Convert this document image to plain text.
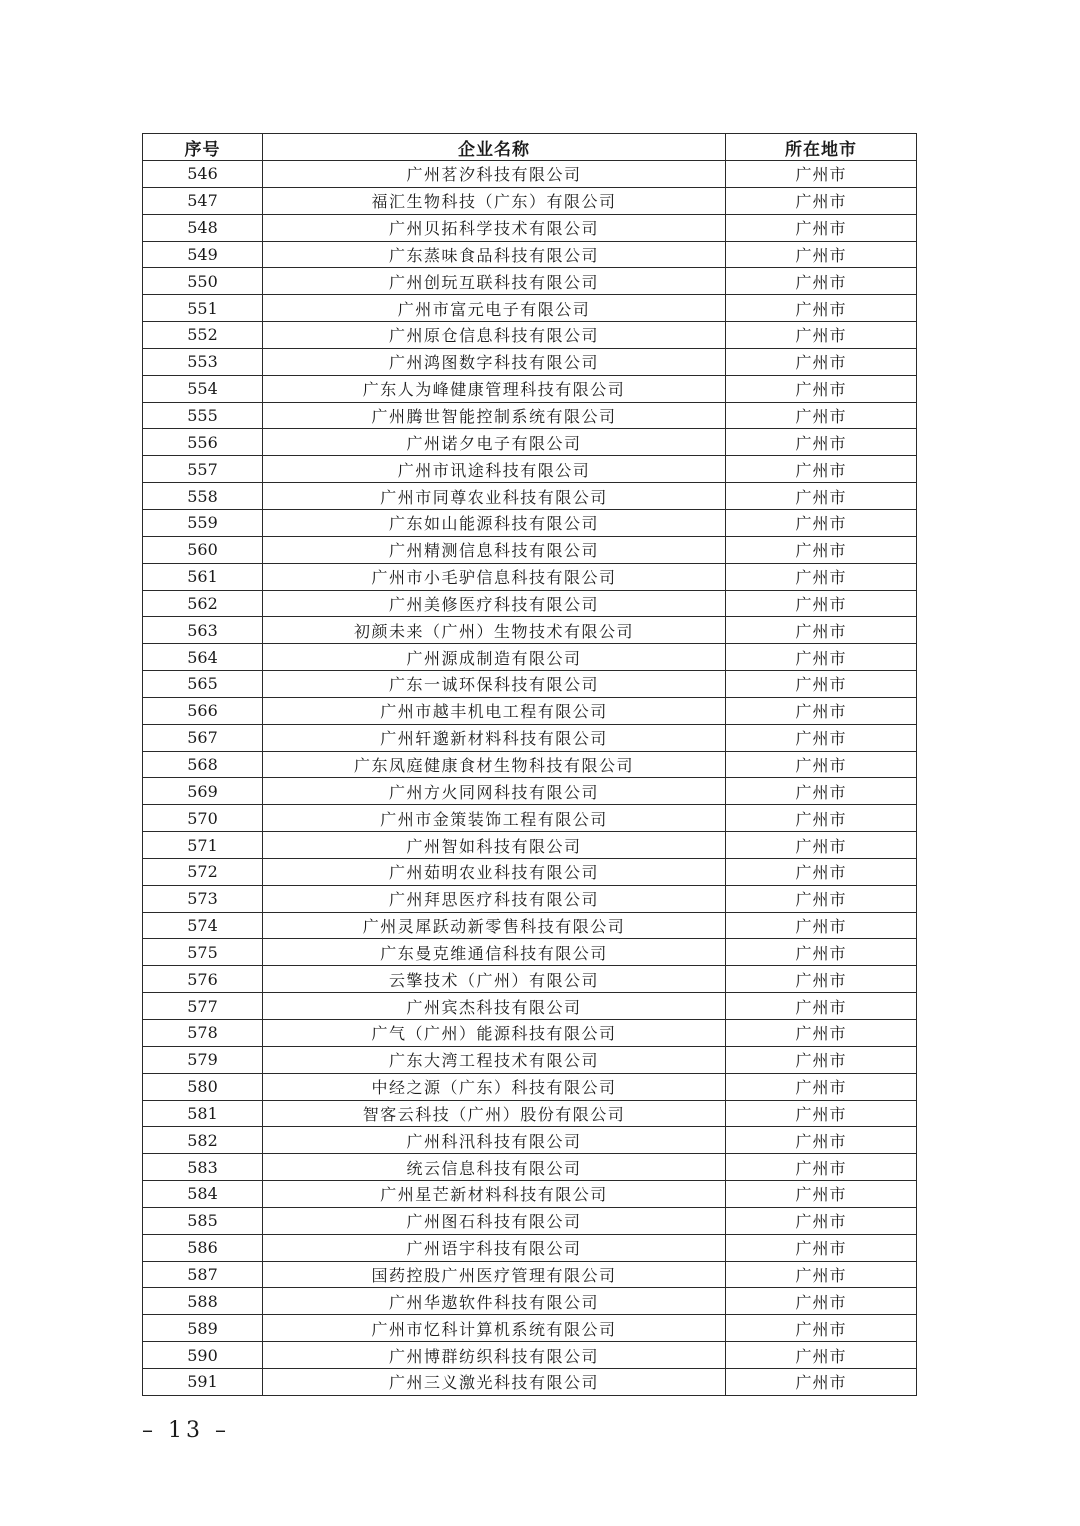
序号	企业名称	所在地市
546	广州茗汐科技有限公司	广州市
547	福汇生物科技（广东）有限公司	广州市
548	广州贝拓科学技术有限公司	广州市
549	广东蒸味食品科技有限公司	广州市
550	广州创玩互联科技有限公司	广州市
551	广州市富元电子有限公司	广州市
552	广州原仓信息科技有限公司	广州市
553	广州鸿图数字科技有限公司	广州市
554	广东人为峰健康管理科技有限公司	广州市
555	广州腾世智能控制系统有限公司	广州市
556	广州诺夕电子有限公司	广州市
557	广州市讯途科技有限公司	广州市
558	广州市同尊农业科技有限公司	广州市
559	广东如山能源科技有限公司	广州市
560	广州精测信息科技有限公司	广州市
561	广州市小毛驴信息科技有限公司	广州市
562	广州美修医疗科技有限公司	广州市
563	初颜未来（广州）生物技术有限公司	广州市
564	广州源成制造有限公司	广州市
565	广东一诚环保科技有限公司	广州市
566	广州市越丰机电工程有限公司	广州市
567	广州轩邈新材料科技有限公司	广州市
568	广东凤庭健康食材生物科技有限公司	广州市
569	广州方火同网科技有限公司	广州市
570	广州市金策装饰工程有限公司	广州市
571	广州智如科技有限公司	广州市
572	广州茹明农业科技有限公司	广州市
573	广州拜思医疗科技有限公司	广州市
574	广州灵犀跃动新零售科技有限公司	广州市
575	广东曼克维通信科技有限公司	广州市
576	云擎技术（广州）有限公司	广州市
577	广州宾杰科技有限公司	广州市
578	广气（广州）能源科技有限公司	广州市
579	广东大湾工程技术有限公司	广州市
580	中经之源（广东）科技有限公司	广州市
581	智客云科技（广州）股份有限公司	广州市
582	广州科汛科技有限公司	广州市
583	统云信息科技有限公司	广州市
584	广州星芒新材料科技有限公司	广州市
585	广州图石科技有限公司	广州市
586	广州语宇科技有限公司	广州市
587	国药控股广州医疗管理有限公司	广州市
588	广州华遨软件科技有限公司	广州市
589	广州市忆科计算机系统有限公司	广州市
590	广州博群纺织科技有限公司	广州市
591	广州三义激光科技有限公司	广州市
– 13 –
